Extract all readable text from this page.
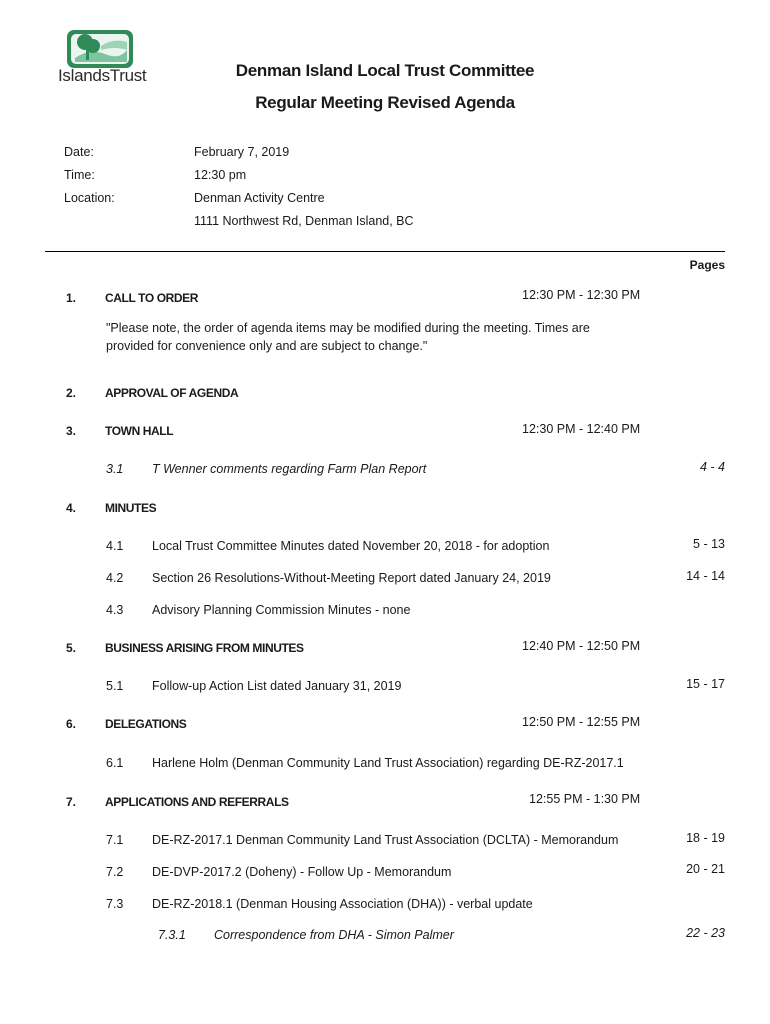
IslandsTrust	Denman Island Local Trust Committee
Regular Meeting Revised Agenda
Date:	February 7, 2019
Time:	12:30 pm
Location:	Denman Activity Centre
1111 Northwest Rd, Denman Island, BC
Pages
1. CALL TO ORDER	12:30 PM - 12:30 PM
"Please note, the order of agenda items may be modified during the meeting. Times are provided for convenience only and are subject to change."
2. APPROVAL OF AGENDA
3. TOWN HALL	12:30 PM - 12:40 PM
3.1 T Wenner comments regarding Farm Plan Report	4 - 4
4. MINUTES
4.1 Local Trust Committee Minutes dated November 20, 2018 - for adoption	5 - 13
4.2 Section 26 Resolutions-Without-Meeting Report dated January 24, 2019	14 - 14
4.3 Advisory Planning Commission Minutes - none
5. BUSINESS ARISING FROM MINUTES	12:40 PM - 12:50 PM
5.1 Follow-up Action List dated January 31, 2019	15 - 17
6. DELEGATIONS	12:50 PM - 12:55 PM
6.1 Harlene Holm (Denman Community Land Trust Association) regarding DE-RZ-2017.1
7. APPLICATIONS AND REFERRALS	12:55 PM - 1:30 PM
7.1 DE-RZ-2017.1 Denman Community Land Trust Association (DCLTA) - Memorandum	18 - 19
7.2 DE-DVP-2017.2 (Doheny) - Follow Up - Memorandum	20 - 21
7.3 DE-RZ-2018.1 (Denman Housing Association (DHA)) - verbal update
7.3.1 Correspondence from DHA - Simon Palmer	22 - 23
